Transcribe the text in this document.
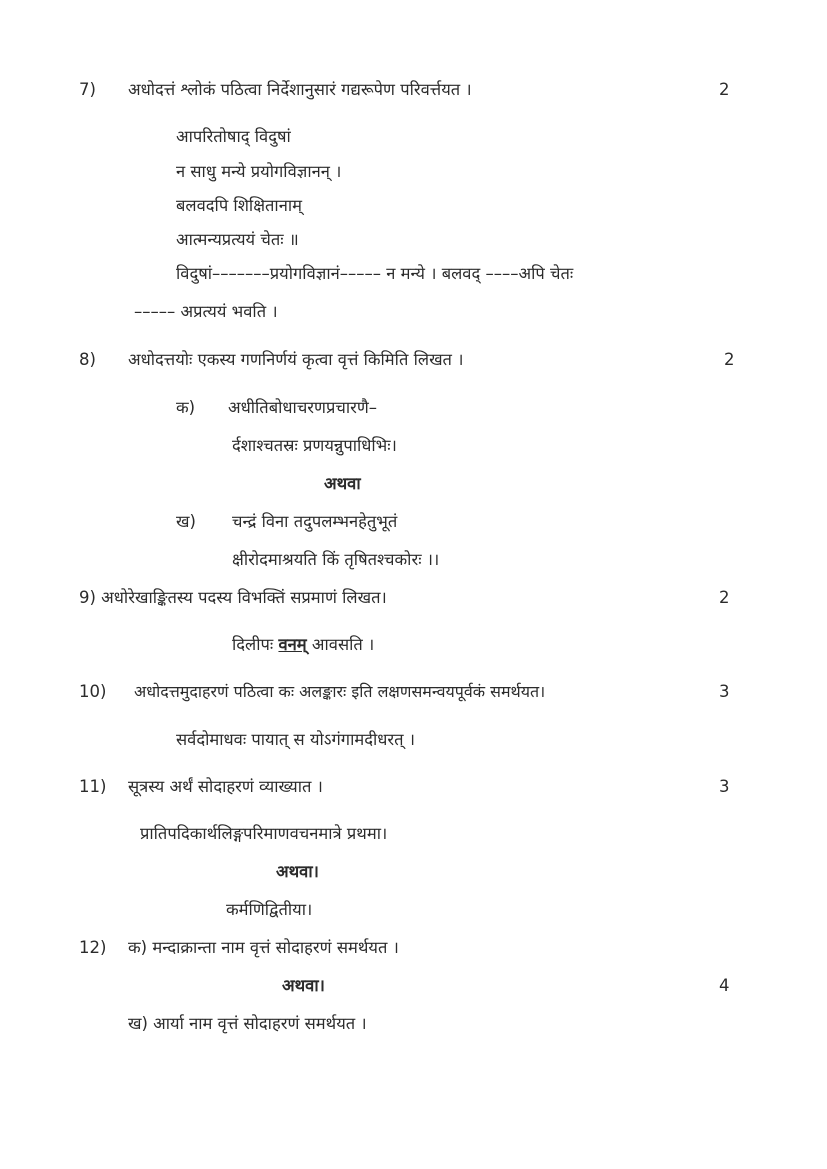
7) अधोदत्तं श्लोकं पठित्वा निर्देशानुसारं गद्यरूपेण परिवर्त्तयत ।	2
आपरितोषाद् विदुषां
न साधु मन्ये प्रयोगविज्ञानन् ।
बलवदपि शिक्षितानाम्
आत्मन्यप्रत्ययं चेतः ॥
विदुषां–––––––प्रयोगविज्ञानं––––– न मन्ये । बलवद् ––––अपि चेतः
––––– अप्रत्ययं भवति ।
8) अधोदत्तयोः एकस्य गणनिर्णयं कृत्वा वृत्तं किमिति लिखत ।	2
क) अधीतिबोधाचरणप्रचारणै–
र्दशाश्चतस्रः प्रणयन्नुपाधिभिः।
अथवा
ख) चन्द्रं विना तदुपलम्भनहेतुभूतं
क्षीरोदमाश्रयति किं तृषितश्चकोरः ।।
9) अधोरेखाङ्कितस्य पदस्य विभक्तिं सप्रमाणं लिखत।	2
दिलीपः वनम् आवसति ।
10) अधोदत्तमुदाहरणं पठित्वा कः अलङ्कारः इति लक्षणसमन्वयपूर्वकं समर्थयत।	3
सर्वदोमाधवः पायात् स योऽगंगामदीधरत् ।
11) सूत्रस्य अर्थं सोदाहरणं व्याख्यात ।	3
प्रातिपदिकार्थलिङ्गपरिमाणवचनमात्रे प्रथमा।
अथवा।
कर्मणिद्वितीया।
12) क) मन्दाक्रान्ता नाम वृत्तं सोदाहरणं समर्थयत ।
अथवा।	4
ख) आर्या नाम वृत्तं सोदाहरणं समर्थयत ।
